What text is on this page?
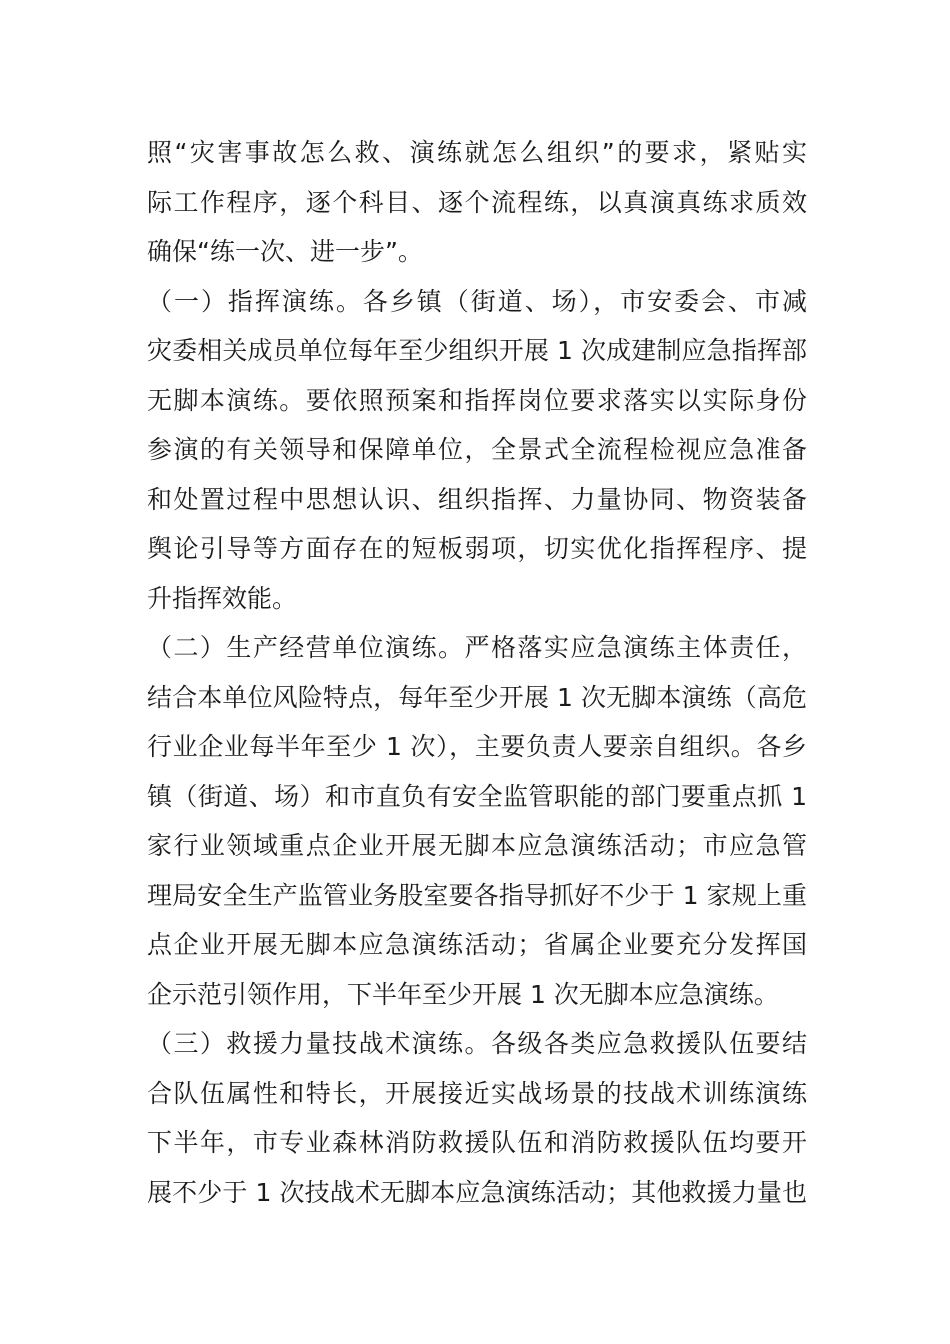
照“灾害事故怎么救、演练就怎么组织”的要求，紧贴实
际工作程序，逐个科目、逐个流程练，以真演真练求质效
确保“练一次、进一步”。
（一）指挥演练。各乡镇（街道、场），市安委会、市减
灾委相关成员单位每年至少组织开展 1 次成建制应急指挥部
无脚本演练。要依照预案和指挥岗位要求落实以实际身份
参演的有关领导和保障单位，全景式全流程检视应急准备
和处置过程中思想认识、组织指挥、力量协同、物资装备
舆论引导等方面存在的短板弱项，切实优化指挥程序、提
升指挥效能。
（二）生产经营单位演练。严格落实应急演练主体责任，
结合本单位风险特点，每年至少开展 1 次无脚本演练（高危
行业企业每半年至少 1 次），主要负责人要亲自组织。各乡
镇（街道、场）和市直负有安全监管职能的部门要重点抓 1
家行业领域重点企业开展无脚本应急演练活动；市应急管
理局安全生产监管业务股室要各指导抓好不少于 1 家规上重
点企业开展无脚本应急演练活动；省属企业要充分发挥国
企示范引领作用，下半年至少开展 1 次无脚本应急演练。
（三）救援力量技战术演练。各级各类应急救援队伍要结
合队伍属性和特长，开展接近实战场景的技战术训练演练
下半年，市专业森林消防救援队伍和消防救援队伍均要开
展不少于 1 次技战术无脚本应急演练活动；其他救援力量也
